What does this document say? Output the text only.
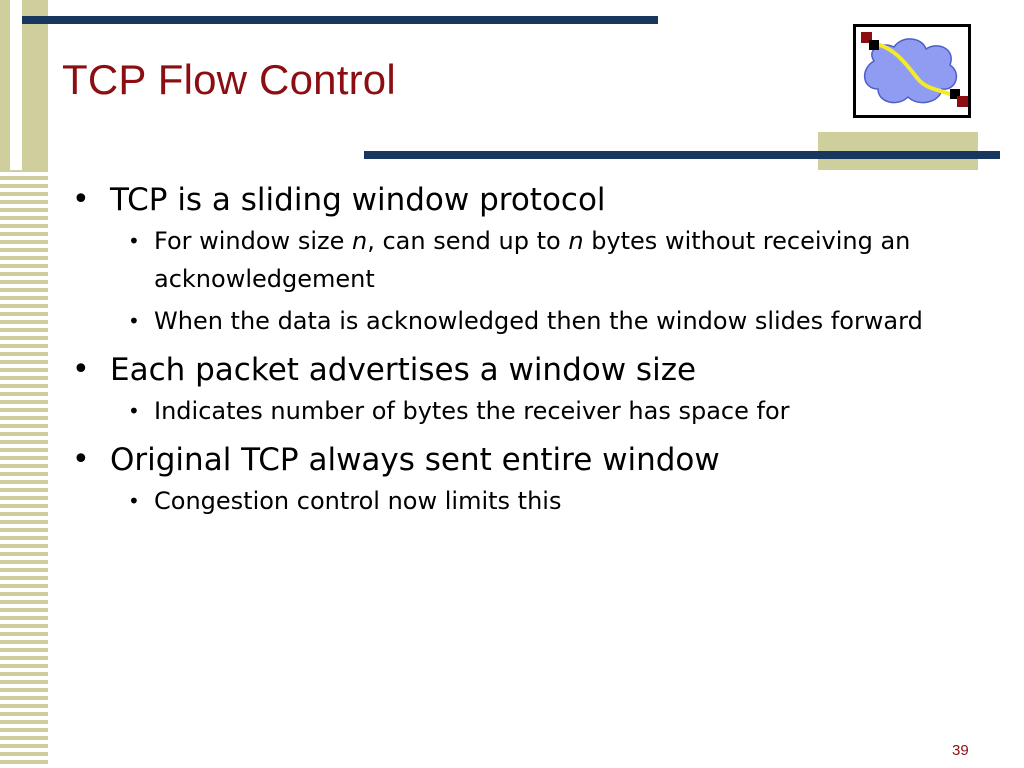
TCP Flow Control
• TCP is a sliding window protocol
• For window size n, can send up to n bytes without receiving an acknowledgement
• When the data is acknowledged then the window slides forward
• Each packet advertises a window size
• Indicates number of bytes the receiver has space for
• Original TCP always sent entire window
• Congestion control now limits this
39
